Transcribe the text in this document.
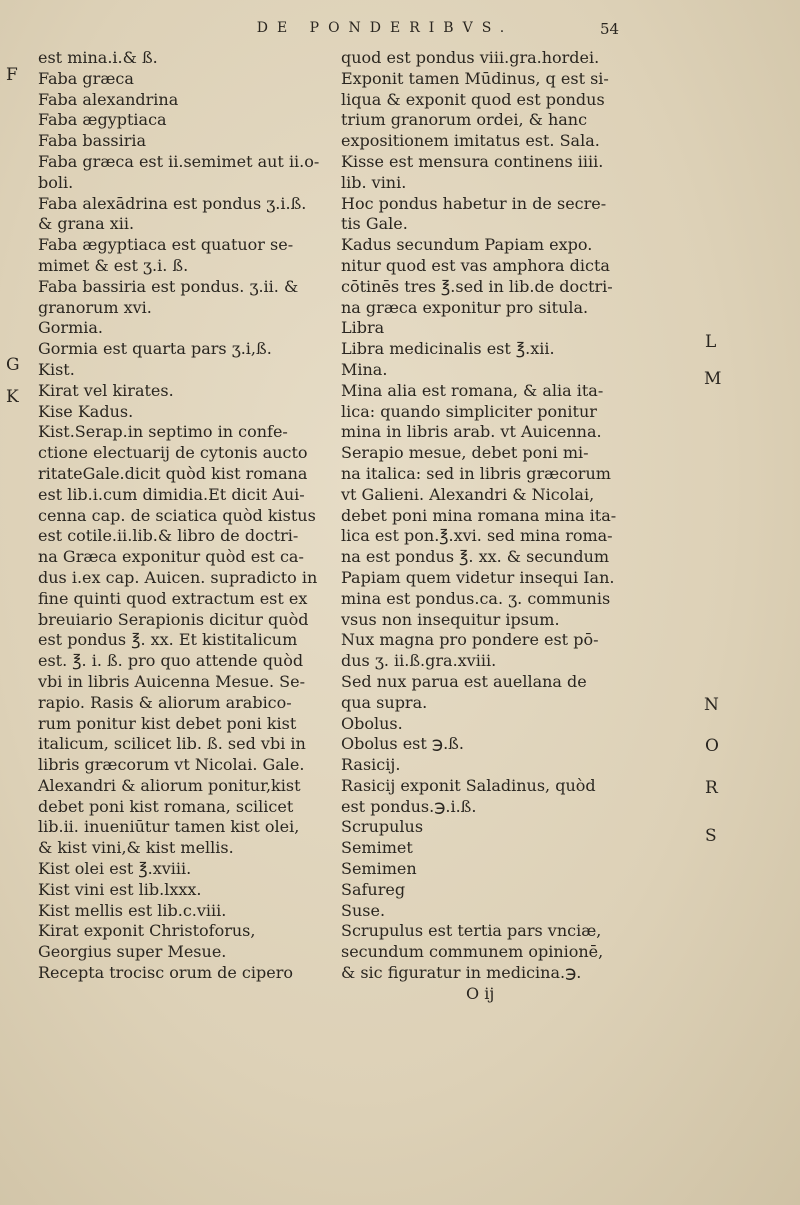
DE PONDERIBVS.	54
F
G
K
L
M
N
O
R
S
est mina.i.& ß.
Faba græca
Faba alexandrina
Faba ægyptiaca
Faba bassiria
Faba græca est ii.semimet aut ii.o-
boli.
Faba alexādrina est pondus ʒ.i.ß.
& grana xii.
Faba ægyptiaca est quatuor se-
mimet & est ʒ.i. ß.
Faba bassiria est pondus. ʒ.ii. &
granorum xvi.
Gormia.
Gormia est quarta pars ʒ.i,ß.
Kist.
Kirat vel kirates.
Kise Kadus.
Kist.Serap.in septimo in confe-
ctione electuarij de cytonis aucto
ritateGale.dicit quòd kist romana
est lib.i.cum dimidia.Et dicit Aui-
cenna cap. de sciatica quòd kistus
est cotile.ii.lib.& libro de doctri-
na Græca exponitur quòd est ca-
dus i.ex cap. Auicen. supradicto in
fine quinti quod extractum est ex
breuiario Serapionis dicitur quòd
est pondus ℥. xx. Et kistitalicum
est. ℥. i. ß. pro quo attende quòd
vbi in libris Auicenna Mesue. Se-
rapio. Rasis & aliorum arabico-
rum ponitur kist debet poni kist
italicum, scilicet lib. ß. sed vbi in
libris græcorum vt Nicolai. Gale.
Alexandri & aliorum ponitur,kist
debet poni kist romana, scilicet
lib.ii. inueniūtur tamen kist olei,
& kist vini,& kist mellis.
Kist olei est ℥.xviii.
Kist vini est lib.lxxx.
Kist mellis est lib.c.viii.
Kirat exponit Christoforus,
Georgius super Mesue.
Recepta trocisc orum de cipero
quod est pondus viii.gra.hordei.
Exponit tamen Mūdinus, q est si-
liqua & exponit quod est pondus
trium granorum ordei, & hanc
expositionem imitatus est. Sala.
Kisse est mensura continens iiii.
lib. vini.
Hoc pondus habetur in de secre-
tis Gale.
Kadus secundum Papiam expo.
nitur quod est vas amphora dicta
cōtinēs tres ℥.sed in lib.de doctri-
na græca exponitur pro situla.
Libra
Libra medicinalis est ℥.xii.
Mina.
Mina alia est romana, & alia ita-
lica: quando simpliciter ponitur
mina in libris arab. vt Auicenna.
Serapio mesue, debet poni mi-
na italica: sed in libris græcorum
vt Galieni. Alexandri & Nicolai,
debet poni mina romana mina ita-
lica est pon.℥.xvi. sed mina roma-
na est pondus ℥. xx. & secundum
Papiam quem videtur insequi Ian.
mina est pondus.ca. ʒ. communis
vsus non insequitur ipsum.
Nux magna pro pondere est pō-
dus ʒ. ii.ß.gra.xviii.
Sed nux parua est auellana de
qua supra.
Obolus.
Obolus est ℈.ß.
Rasicij.
Rasicij exponit Saladinus, quòd
est pondus.℈.i.ß.
Scrupulus
Semimet
Semimen
Safureg
Suse.
Scrupulus est tertia pars vnciæ,
secundum communem opinionē,
& sic figuratur in medicina.℈.
O ij
